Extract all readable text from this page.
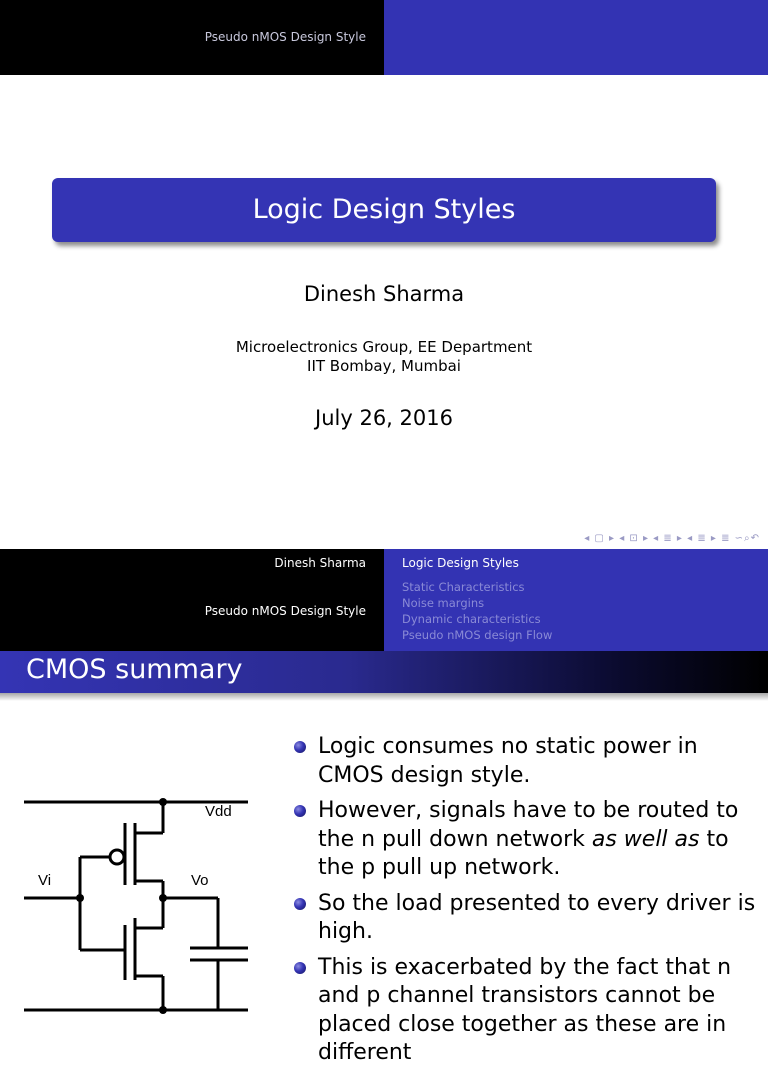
Pseudo nMOS Design Style
Logic Design Styles
Dinesh Sharma
Microelectronics Group, EE Department
IIT Bombay, Mumbai
July 26, 2016
◂ ▢ ▸ ◂ ⊡ ▸ ◂ ≣ ▸ ◂ ≣ ▸ ≣ ∽⌕↶
Dinesh Sharma
Pseudo nMOS Design Style
Logic Design Styles
Static Characteristics
Noise margins
Dynamic characteristics
Pseudo nMOS design Flow
CMOS summary
Logic consumes no static power in CMOS design style.
However, signals have to be routed to the n pull down network as well as to the p pull up network.
So the load presented to every driver is high.
This is exacerbated by the fact that n and p channel transistors cannot be placed close together as these are in different
Vdd
Vi	Vo
